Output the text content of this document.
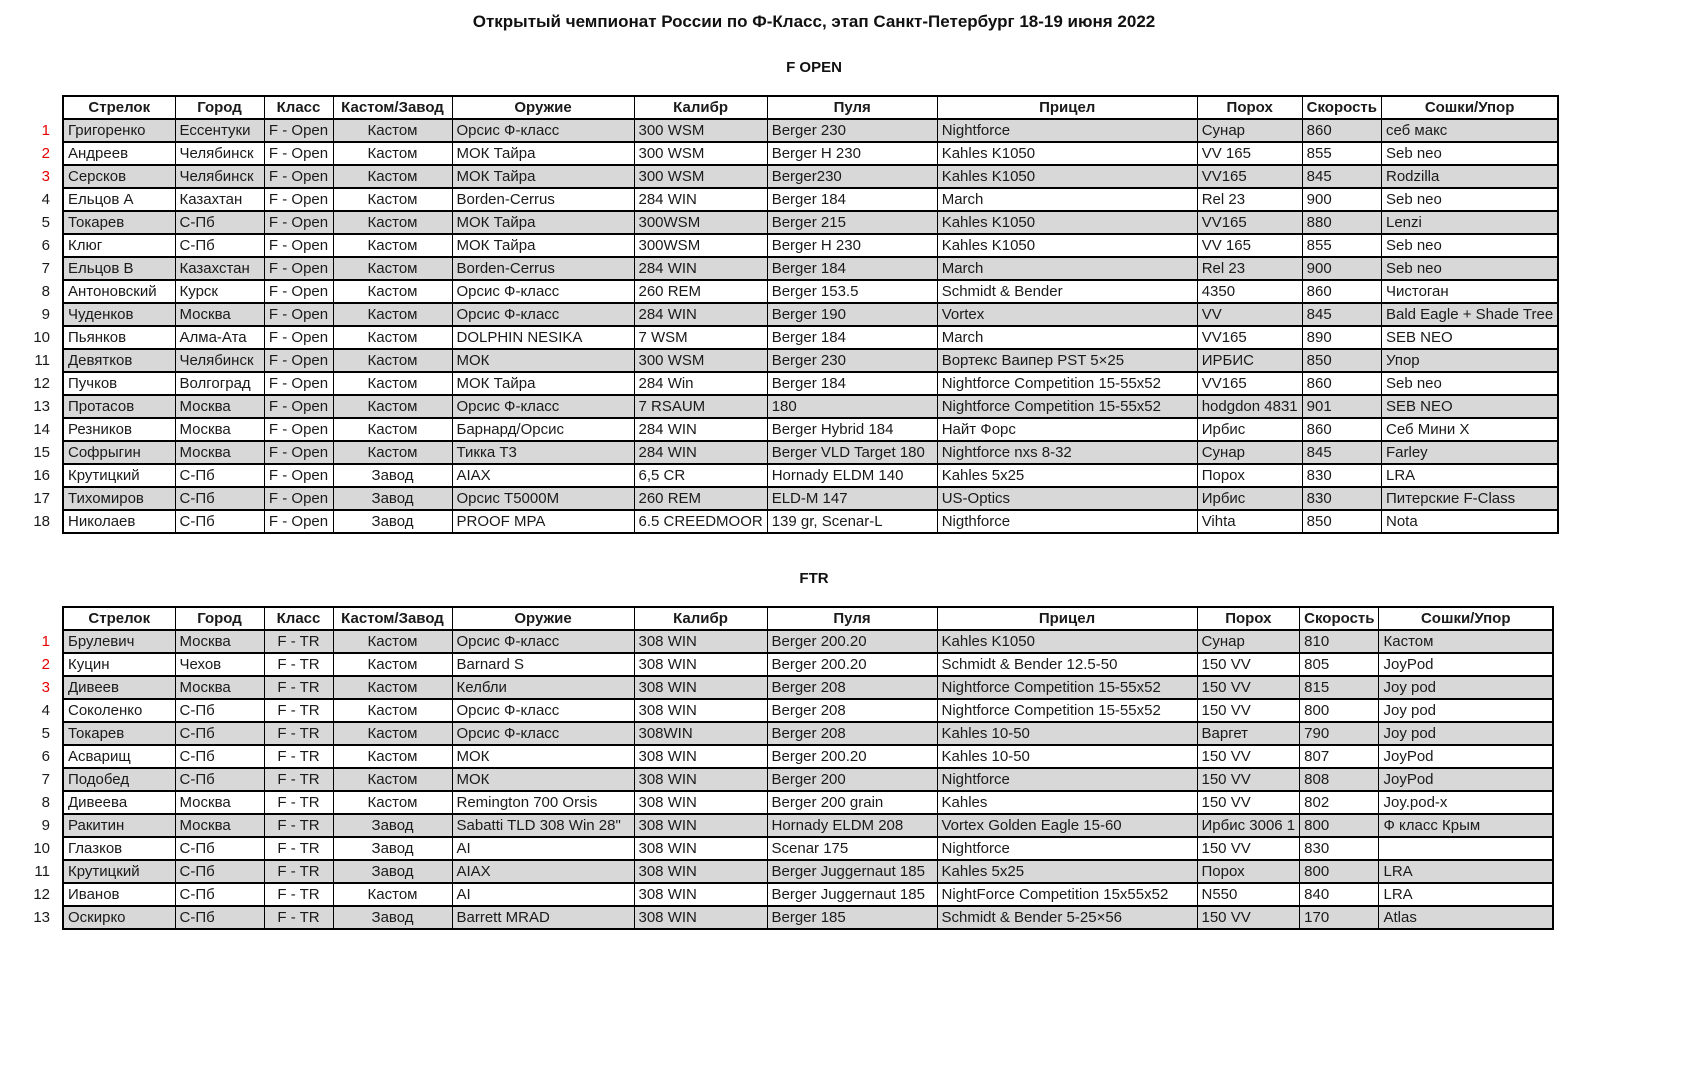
Открытый чемпионат России по Ф-Класс, этап Санкт-Петербург 18-19 июня 2022
F OPEN
	Стрелок	Город	Класс	Кастом/Завод	Оружие	Калибр	Пуля	Прицел	Порох	Скорость	Сошки/Упор
1	Григоренко	Ессентуки	F - Open	Кастом	Орсис Ф-класс	300 WSM	Berger 230	Nightforce	Сунар	860	себ макс
2	Андреев	Челябинск	F - Open	Кастом	МОК Тайра	300 WSM	Berger H 230	Kahles K1050	VV 165	855	Seb neo
3	Серсков	Челябинск	F - Open	Кастом	МОК Тайра	300 WSM	Berger230	Kahles K1050	VV165	845	Rodzilla
4	Ельцов А	Казахтан	F - Open	Кастом	Borden-Cerrus	284 WIN	Berger 184	March	Rel 23	900	Seb neo
5	Токарев	С-Пб	F - Open	Кастом	МОК Тайра	300WSM	Berger 215	Kahles K1050	VV165	880	Lenzi
6	Клюг	С-Пб	F - Open	Кастом	МОК Тайра	300WSM	Berger H 230	Kahles K1050	VV 165	855	Seb neo
7	Ельцов В	Казахстан	F - Open	Кастом	Borden-Cerrus	284 WIN	Berger 184	March	Rel 23	900	Seb neo
8	Антоновский	Курск	F - Open	Кастом	Орсис Ф-класс	260 REM	Berger 153.5	Schmidt & Bender	4350	860	Чистоган
9	Чуденков	Москва	F - Open	Кастом	Орсис Ф-класс	284 WIN	Berger 190	Vortex	VV	845	Bald Eagle + Shade Tree
10	Пьянков	Алма-Ата	F - Open	Кастом	DOLPHIN NESIKA	7 WSM	Berger 184	March	VV165	890	SEB NEO
11	Девятков	Челябинск	F - Open	Кастом	МОК	300 WSM	Berger 230	Вортекс Ваипер PST 5×25	ИРБИС	850	Упор
12	Пучков	Волгоград	F - Open	Кастом	МОК Тайра	284 Win	Berger 184	Nightforce Competition 15-55x52	VV165	860	Seb neo
13	Протасов	Москва	F - Open	Кастом	Орсис Ф-класс	7 RSAUM	180	Nightforce Competition 15-55x52	hodgdon 4831	901	SEB NEO
14	Резников	Москва	F - Open	Кастом	Барнард/Орсис	284 WIN	Berger Hybrid 184	Найт Форс	Ирбис	860	Себ Мини Х
15	Софрыгин	Москва	F - Open	Кастом	Тикка Т3	284 WIN	Berger VLD Target 180	Nightforce nxs 8-32	Сунар	845	Farley
16	Крутицкий	С-Пб	F - Open	Завод	AIAX	6,5 CR	Hornady ELDM 140	Kahles 5x25	Порох	830	LRA
17	Тихомиров	С-Пб	F - Open	Завод	Орсис Т5000М	260 REM	ELD-M 147	US-Optics	Ирбис	830	Питерские F-Class
18	Николаев	С-Пб	F - Open	Завод	PROOF MPA	6.5 CREEDMOOR	139 gr, Scenar-L	Nigthforce	Vihta	850	Nota
FTR
	Стрелок	Город	Класс	Кастом/Завод	Оружие	Калибр	Пуля	Прицел	Порох	Скорость	Сошки/Упор
1	Брулевич	Москва	F - TR	Кастом	Орсис Ф-класс	308 WIN	Berger 200.20	Kahles K1050	Сунар	810	Кастом
2	Куцин	Чехов	F - TR	Кастом	Barnard S	308 WIN	Berger 200.20	Schmidt & Bender 12.5-50	150 VV	805	JoyPod
3	Дивеев	Москва	F - TR	Кастом	Келбли	308 WIN	Berger 208	Nightforce Competition 15-55x52	150 VV	815	Joy pod
4	Соколенко	С-Пб	F - TR	Кастом	Орсис Ф-класс	308 WIN	Berger 208	Nightforce Competition 15-55x52	150 VV	800	Joy pod
5	Токарев	С-Пб	F - TR	Кастом	Орсис Ф-класс	308WIN	Berger 208	Kahles 10-50	Варгет	790	Joy pod
6	Асварищ	С-Пб	F - TR	Кастом	МОК	308 WIN	Berger 200.20	Kahles 10-50	150 VV	807	JoyPod
7	Подобед	С-Пб	F - TR	Кастом	МОК	308 WIN	Berger 200	Nightforce	150 VV	808	JoyPod
8	Дивеева	Москва	F - TR	Кастом	Remington 700 Orsis	308 WIN	Berger 200 grain	Kahles	150 VV	802	Joy.pod-x
9	Ракитин	Москва	F - TR	Завод	Sabatti TLD 308 Win 28"	308 WIN	Hornady ELDM 208	Vortex Golden Eagle 15-60	Ирбис 3006 1	800	Ф класс Крым
10	Глазков	С-Пб	F - TR	Завод	AI	308 WIN	Scenar 175	Nightforce	150 VV	830	
11	Крутицкий	С-Пб	F - TR	Завод	AIAX	308 WIN	Berger Juggernaut 185	Kahles 5x25	Порох	800	LRA
12	Иванов	С-Пб	F - TR	Кастом	AI	308 WIN	Berger Juggernaut 185	NightForce Competition 15x55x52	N550	840	LRA
13	Оскирко	С-Пб	F - TR	Завод	Barrett MRAD	308 WIN	Berger 185	Schmidt & Bender 5-25×56	150 VV	170	Atlas
